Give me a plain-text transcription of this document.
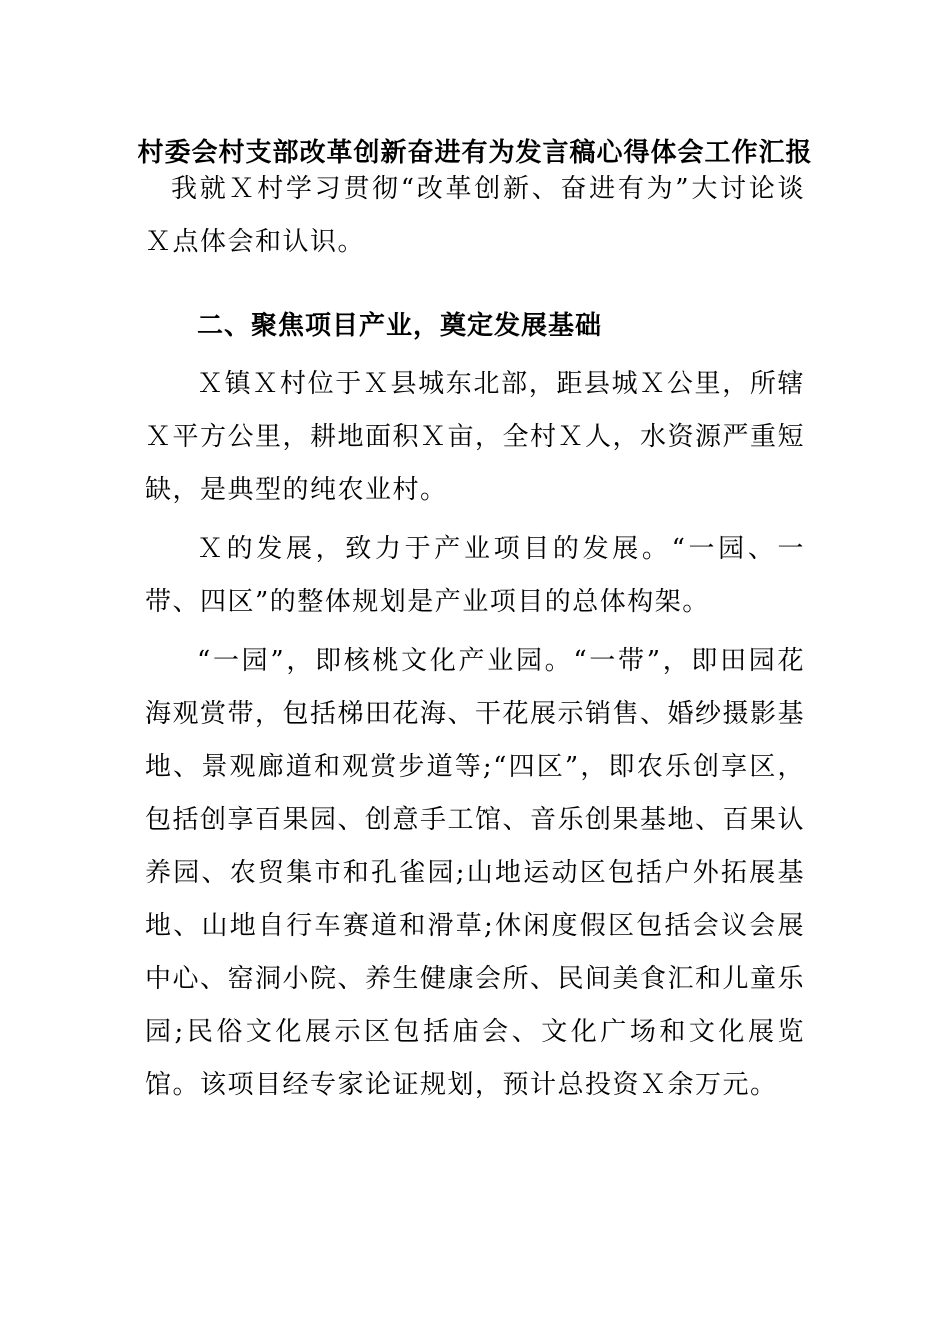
村委会村支部改革创新奋进有为发言稿心得体会工作汇报

我就Ｘ村学习贯彻“改革创新、奋进有为”大讨论谈Ｘ点体会和认识。

二、聚焦项目产业，奠定发展基础

Ｘ镇Ｘ村位于Ｘ县城东北部，距县城Ｘ公里，所辖Ｘ平方公里，耕地面积Ｘ亩，全村Ｘ人，水资源严重短缺，是典型的纯农业村。

Ｘ的发展，致力于产业项目的发展。“一园、一带、四区”的整体规划是产业项目的总体构架。

“一园”，即核桃文化产业园。“一带”，即田园花海观赏带，包括梯田花海、干花展示销售、婚纱摄影基地、景观廊道和观赏步道等;“四区”，即农乐创享区，包括创享百果园、创意手工馆、音乐创果基地、百果认养园、农贸集市和孔雀园;山地运动区包括户外拓展基地、山地自行车赛道和滑草;休闲度假区包括会议会展中心、窑洞小院、养生健康会所、民间美食汇和儿童乐园;民俗文化展示区包括庙会、文化广场和文化展览馆。该项目经专家论证规划，预计总投资Ｘ余万元。
